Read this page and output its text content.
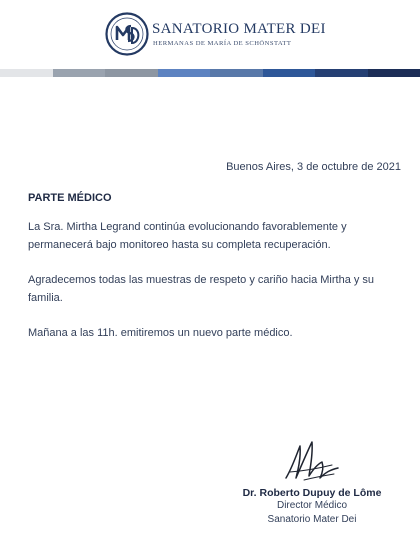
SANATORIO MATER DEI
HERMANAS DE MARÍA DE SCHÖNSTATT
Buenos Aires, 3 de octubre de 2021
PARTE MÉDICO

La Sra. Mirtha Legrand continúa evolucionando favorablemente y permanecerá bajo monitoreo hasta su completa recuperación.

Agradecemos todas las muestras de respeto y cariño hacia Mirtha y su familia.

Mañana a las 11h. emitiremos un nuevo parte médico.

Dr. Roberto Dupuy de Lôme
Director Médico
Sanatorio Mater Dei
